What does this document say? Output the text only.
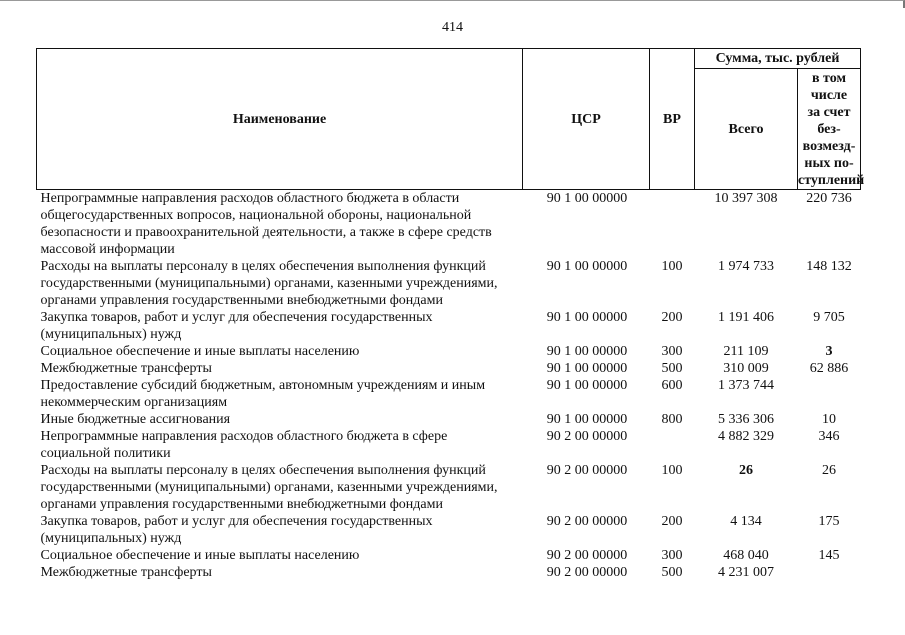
414
Наименование	ЦСР	ВР	Сумма, тыс. рублей	
			Всего	в том числе
за счет без-
возмезд-
ных по-
ступлений
Непрограммные направления расходов областного бюджета в области общегосударственных вопросов, национальной обороны, национальной безопасности и правоохранительной деятельности, а также в сфере средств массовой информации	90 1 00 00000		10 397 308	220 736
Расходы на выплаты персоналу в целях обеспечения выполнения функций государственными (муниципальными) органами, казенными учреждениями, органами управления государственными внебюджетными фондами	90 1 00 00000	100	1 974 733	148 132
Закупка товаров, работ и услуг для обеспечения государственных (муниципальных) нужд	90 1 00 00000	200	1 191 406	9 705
Социальное обеспечение и иные выплаты населению	90 1 00 00000	300	211 109	3
Межбюджетные трансферты	90 1 00 00000	500	310 009	62 886
Предоставление субсидий бюджетным, автономным учреждениям и иным некоммерческим организациям	90 1 00 00000	600	1 373 744	
Иные бюджетные ассигнования	90 1 00 00000	800	5 336 306	10
Непрограммные направления расходов областного бюджета в сфере социальной политики	90 2 00 00000		4 882 329	346
Расходы на выплаты персоналу в целях обеспечения выполнения функций государственными (муниципальными) органами, казенными учреждениями, органами управления государственными внебюджетными фондами	90 2 00 00000	100	26	26
Закупка товаров, работ и услуг для обеспечения государственных (муниципальных) нужд	90 2 00 00000	200	4 134	175
Социальное обеспечение и иные выплаты населению	90 2 00 00000	300	468 040	145
Межбюджетные трансферты	90 2 00 00000	500	4 231 007	
